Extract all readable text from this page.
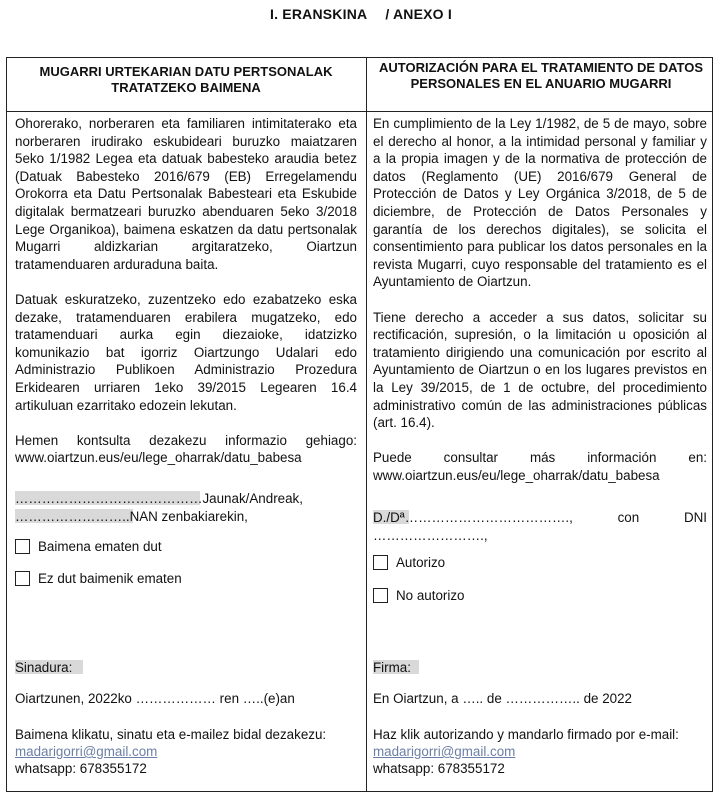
I. ERANSKINA / ANEXO I
MUGARRI URTEKARIAN DATU PERTSONALAK TRATATZEKO BAIMENA
AUTORIZACIÓN PARA EL TRATAMIENTO DE DATOS PERSONALES EN EL ANUARIO MUGARRI

Ohorerako, norberaren eta familiaren intimitaterako eta norberaren irudirako eskubideari buruzko maiatzaren 5eko 1/1982 Legea eta datuak babesteko araudia betez (Datuak Babesteko 2016/679 (EB) Erregelamendu Orokorra eta Datu Pertsonalak Babesteari eta Eskubide digitalak bermatzeari buruzko abenduaren 5eko 3/2018 Lege Organikoa), baimena eskatzen da datu pertsonalak Mugarri aldizkarian argitaratzeko, Oiartzun tratamenduaren arduraduna baita.

Datuak eskuratzeko, zuzentzeko edo ezabatzeko eska dezake, tratamenduaren erabilera mugatzeko, edo tratamenduari aurka egin diezaioke, idatzizko komunikazio bat igorriz Oiartzungo Udalari edo Administrazio Publikoen Administrazio Prozedura Erkidearen urriaren 1eko 39/2015 Legearen 16.4 artikuluan ezarritako edozein lekutan.

Hemen kontsulta dezakezu informazio gehiago:
www.oiartzun.eus/eu/lege_oharrak/datu_babesa
……………………………………Jaunak/Andreak,
……………………..NAN zenbakiarekin,
Baimena ematen dut
Ez dut baimenik ematen
Sinadura:
Oiartzunen, 2022ko ……………… ren …..(e)an
Baimena klikatu, sinatu eta e-mailez bidal dezakezu:
madarigorri@gmail.com
whatsapp: 678355172

En cumplimiento de la Ley 1/1982, de 5 de mayo, sobre el derecho al honor, a la intimidad personal y familiar y a la propia imagen y de la normativa de protección de datos (Reglamento (UE) 2016/679 General de Protección de Datos y Ley Orgánica 3/2018, de 5 de diciembre, de Protección de Datos Personales y garantía de los derechos digitales), se solicita el consentimiento para publicar los datos personales en la revista Mugarri, cuyo responsable del tratamiento es el Ayuntamiento de Oiartzun.

Tiene derecho a acceder a sus datos, solicitar su rectificación, supresión, o la limitación u oposición al tratamiento dirigiendo una comunicación por escrito al Ayuntamiento de Oiartzun o en los lugares previstos en la Ley 39/2015, de 1 de octubre, del procedimiento administrativo común de las administraciones públicas (art. 16.4).

Puede consultar más información en:
www.oiartzun.eus/eu/lege_oharrak/datu_babesa
D./Dª……………………………….,	con	DNI
…………………….,
Autorizo
No autorizo
Firma:
En Oiartzun, a ….. de …………….. de 2022
Haz klik autorizando y mandarlo firmado por e-mail:
madarigorri@gmail.com
whatsapp: 678355172
